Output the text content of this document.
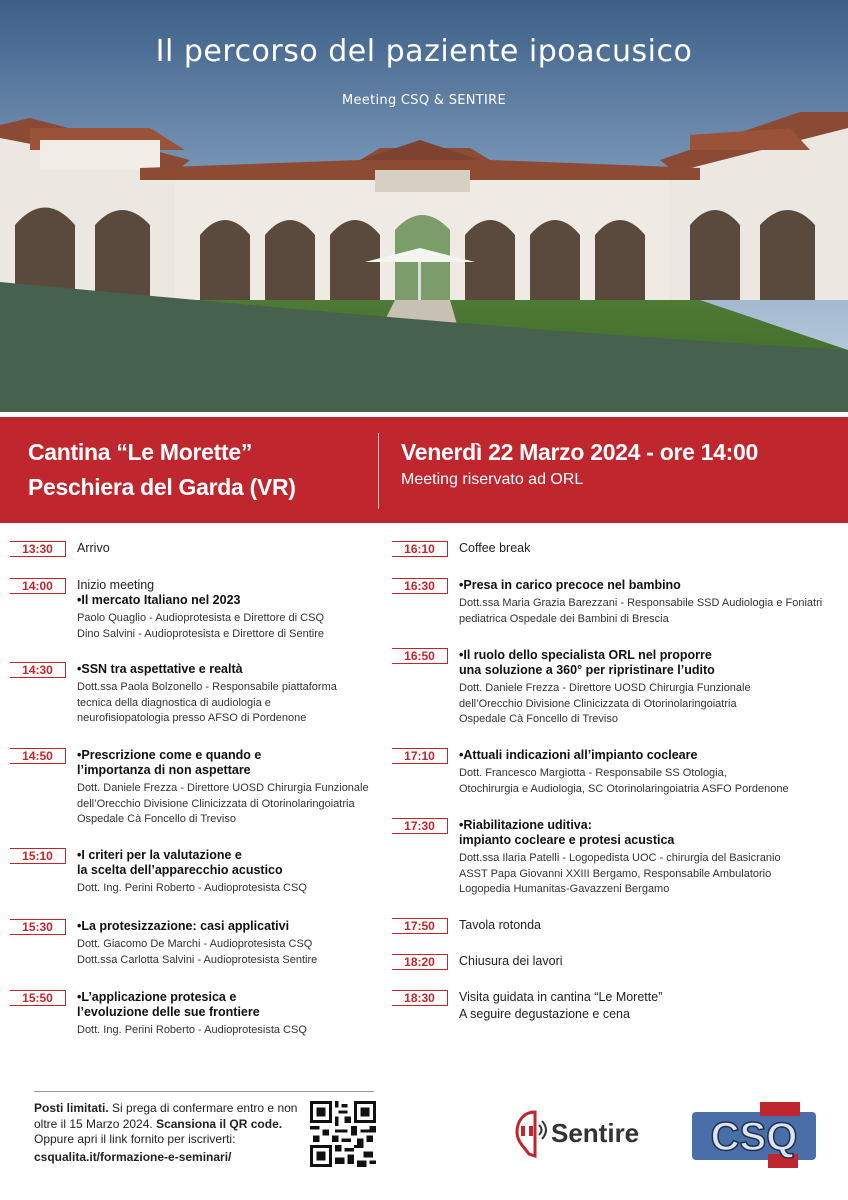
Il percorso del paziente ipoacusico
Meeting CSQ & SENTIRE
Cantina “Le Morette”
Peschiera del Garda (VR)
Venerdì 22 Marzo 2024 - ore 14:00
Meeting riservato ad ORL
13:30	Arrivo
14:00	Inizio meeting
•Il mercato Italiano nel 2023
Paolo Quaglio - Audioprotesista e Direttore di CSQ
Dino Salvini - Audioprotesista e Direttore di Sentire
14:30	•SSN tra aspettative e realtà
Dott.ssa Paola Bolzonello - Responsabile piattaforma
tecnica della diagnostica di audiologia e
neurofisiopatologia presso AFSO di Pordenone
14:50	•Prescrizione come e quando e
l’importanza di non aspettare
Dott. Daniele Frezza - Direttore UOSD Chirurgia Funzionale
dell’Orecchio Divisione Clinicizzata di Otorinolaringoiatria
Ospedale Cà Foncello di Treviso
15:10	•I criteri per la valutazione e
la scelta dell’apparecchio acustico
Dott. Ing. Perini Roberto - Audioprotesista CSQ
15:30	•La protesizzazione: casi applicativi
Dott. Giacomo De Marchi - Audioprotesista CSQ
Dott.ssa Carlotta Salvini - Audioprotesista Sentire
15:50	•L’applicazione protesica e
l’evoluzione delle sue frontiere
Dott. Ing. Perini Roberto - Audioprotesista CSQ
16:10	Coffee break
16:30	•Presa in carico precoce nel bambino
Dott.ssa Maria Grazia Barezzani - Responsabile SSD Audiologia e Foniatri
pediatrica Ospedale dei Bambini di Brescia
16:50	•Il ruolo dello specialista ORL nel proporre
una soluzione a 360° per ripristinare l’udito
Dott. Daniele Frezza - Direttore UOSD Chirurgia Funzionale
dell’Orecchio Divisione Clinicizzata di Otorinolaringoiatria
Ospedale Cà Foncello di Treviso
17:10	•Attuali indicazioni all’impianto cocleare
Dott. Francesco Margiotta - Responsabile SS Otologia,
Otochirurgia e Audiologia, SC Otorinolaringoiatria ASFO Pordenone
17:30	•Riabilitazione uditiva:
impianto cocleare e protesi acustica
Dott.ssa Ilaria Patelli - Logopedista UOC - chirurgia del Basicranio
ASST Papa Giovanni XXIII Bergamo, Responsabile Ambulatorio
Logopedia Humanitas-Gavazzeni Bergamo
17:50	Tavola rotonda
18:20	Chiusura dei lavori
18:30	Visita guidata in cantina “Le Morette”
A seguire degustazione e cena
Posti limitati. Si prega di confermare entro e non oltre il 15 Marzo 2024. Scansiona il QR code.
Oppure apri il link fornito per iscriverti:
csqualita.it/formazione-e-seminari/
Sentire CSQ
